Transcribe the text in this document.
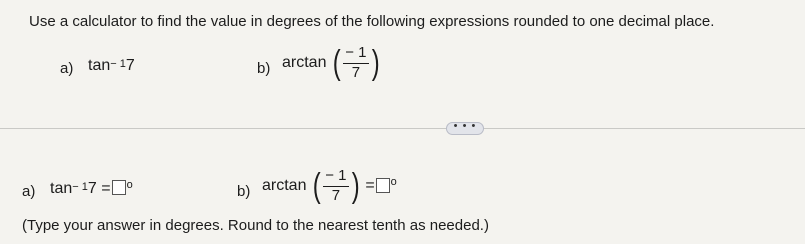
Use a calculator to find the value in degrees of the following expressions rounded to one decimal place.
a) $\tan^{- 1}7$	b) arctan ( $\frac{- 1}{7}$ )
• • •
a) $\tan^{- 1}7 = ^o$	b) arctan ( $\frac{- 1}{7}$ ) = $^o$
(Type your answer in degrees. Round to the nearest tenth as needed.)
